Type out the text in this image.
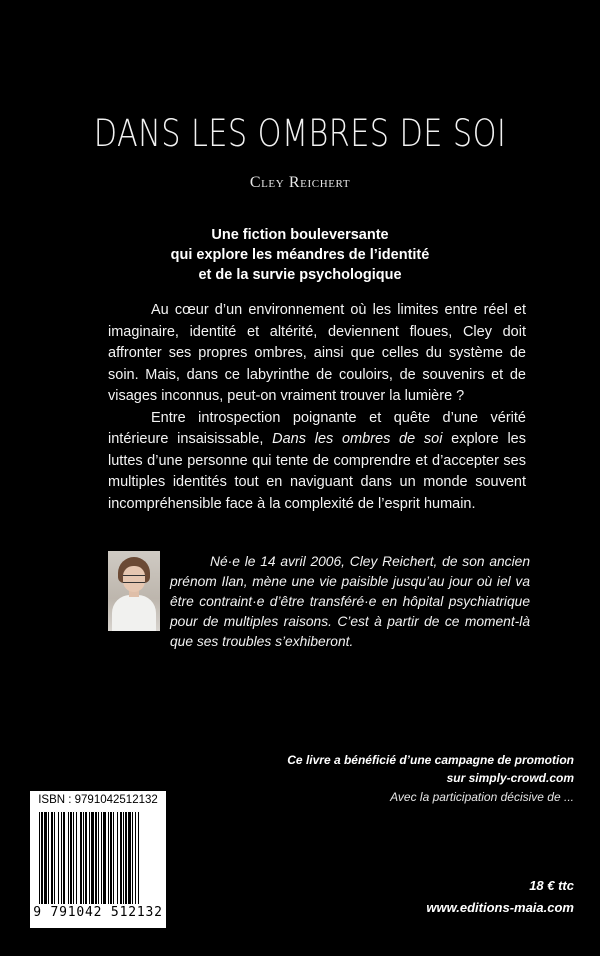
DANS LES OMBRES DE SOI
Cley Reichert
Une fiction bouleversante
qui explore les méandres de l’identité
et de la survie psychologique

Au cœur d’un environnement où les limites entre réel et imaginaire, identité et altérité, deviennent floues, Cley doit affronter ses propres ombres, ainsi que celles du système de soin. Mais, dans ce labyrinthe de couloirs, de souvenirs et de visages inconnus, peut-on vraiment trouver la lumière ?

Entre introspection poignante et quête d’une vérité intérieure insaisissable, Dans les ombres de soi explore les luttes d’une personne qui tente de comprendre et d’accepter ses multiples identités tout en naviguant dans un monde souvent incompréhensible face à la complexité de l’esprit humain.

Né·e le 14 avril 2006, Cley Reichert, de son ancien prénom Ilan, mène une vie paisible jusqu’au jour où iel va être contraint·e d’être transféré·e en hôpital psychiatrique pour de multiples raisons. C’est à partir de ce moment-là que ses troubles s’exhiberont.

Ce livre a bénéficié d’une campagne de promotion
sur simply-crowd.com
Avec la participation décisive de ...
ISBN : 9791042512132
9 791042 512132
18 € ttc
www.editions-maia.com
